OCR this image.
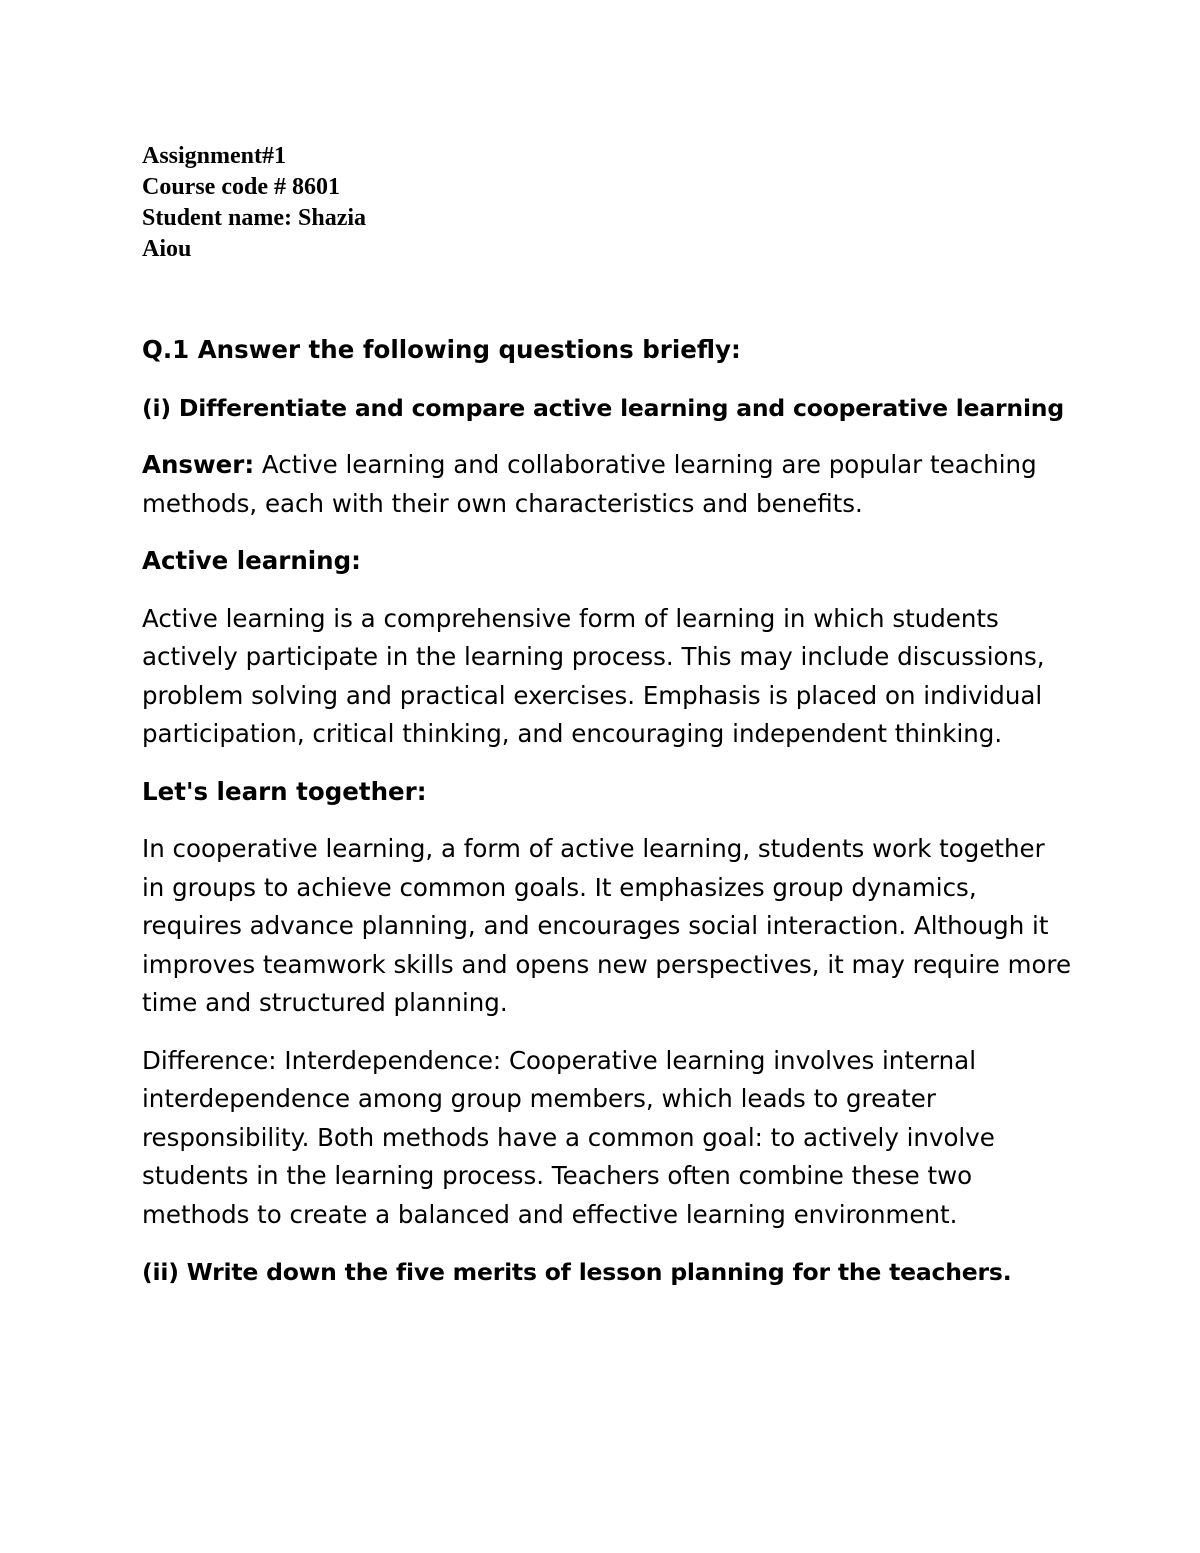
Assignment#1
Course code # 8601
Student name: Shazia
Aiou

Q.1 Answer the following questions briefly:

(i) Differentiate and compare active learning and cooperative learning

Answer: Active learning and collaborative learning are popular teaching methods, each with their own characteristics and benefits.

Active learning:

Active learning is a comprehensive form of learning in which students actively participate in the learning process. This may include discussions, problem solving and practical exercises. Emphasis is placed on individual participation, critical thinking, and encouraging independent thinking.

Let's learn together:

In cooperative learning, a form of active learning, students work together in groups to achieve common goals. It emphasizes group dynamics, requires advance planning, and encourages social interaction. Although it improves teamwork skills and opens new perspectives, it may require more time and structured planning.

Difference: Interdependence: Cooperative learning involves internal interdependence among group members, which leads to greater responsibility. Both methods have a common goal: to actively involve students in the learning process. Teachers often combine these two methods to create a balanced and effective learning environment.

(ii) Write down the five merits of lesson planning for the teachers.
